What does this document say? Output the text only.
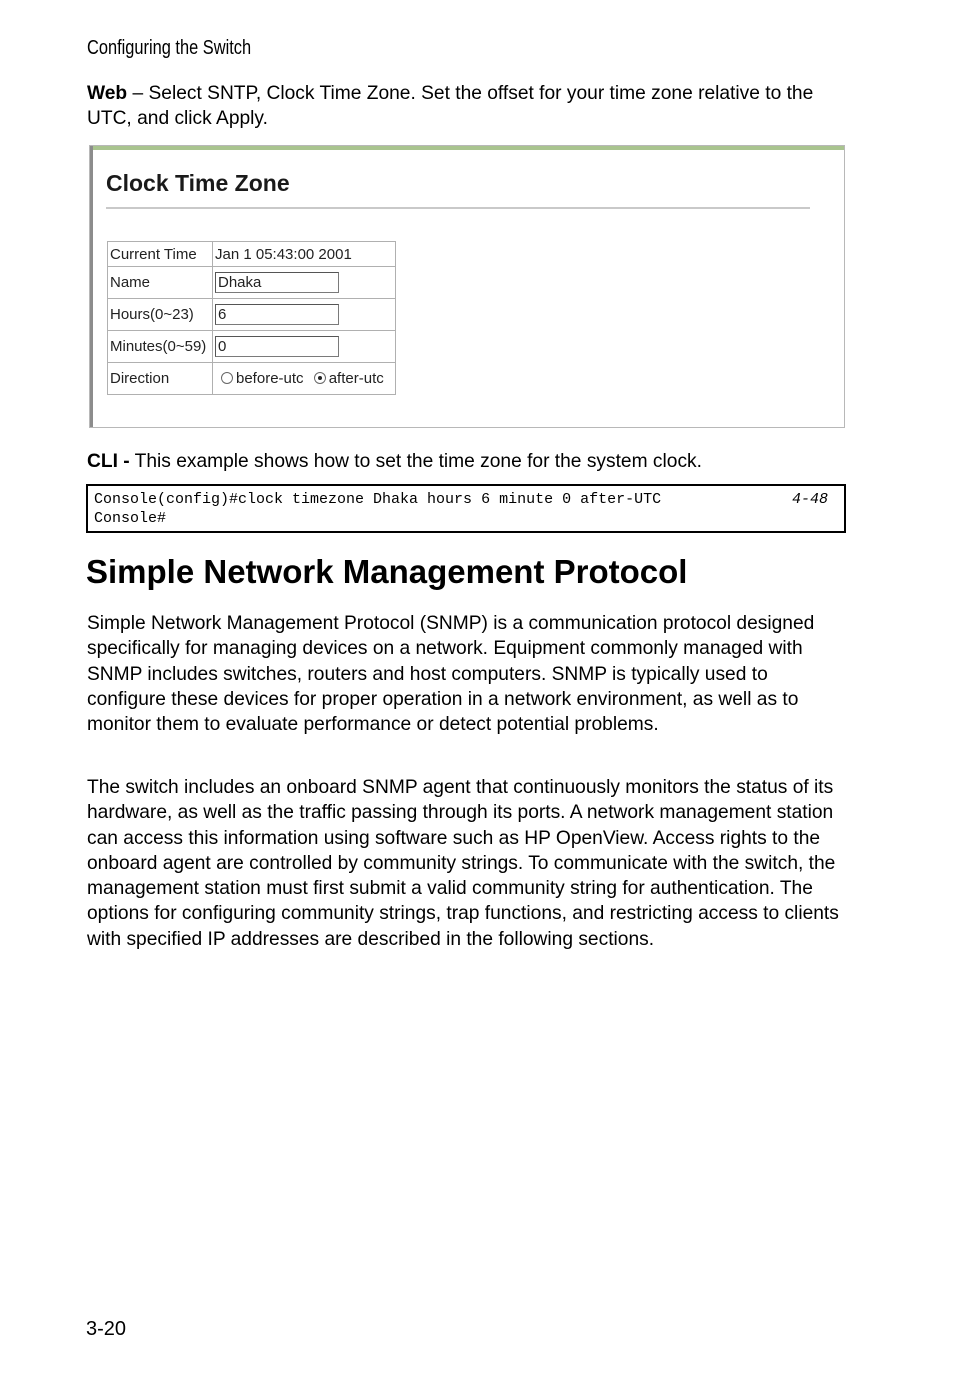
Configuring the Switch

Web – Select SNTP, Clock Time Zone. Set the offset for your time zone relative to the UTC, and click Apply.

Clock Time Zone
Current Time	Jan 1 05:43:00 2001
Name	Dhaka
Hours(0~23)	6
Minutes(0~59)	0
Direction	before-utc after-utc

CLI - This example shows how to set the time zone for the system clock.

Console(config)#clock timezone Dhaka hours 6 minute 0 after-UTC
Console#
4-48
Simple Network Management Protocol

Simple Network Management Protocol (SNMP) is a communication protocol designed specifically for managing devices on a network. Equipment commonly managed with SNMP includes switches, routers and host computers. SNMP is typically used to configure these devices for proper operation in a network environment, as well as to monitor them to evaluate performance or detect potential problems.

The switch includes an onboard SNMP agent that continuously monitors the status of its hardware, as well as the traffic passing through its ports. A network management station can access this information using software such as HP OpenView. Access rights to the onboard agent are controlled by community strings. To communicate with the switch, the management station must first submit a valid community string for authentication. The options for configuring community strings, trap functions, and restricting access to clients with specified IP addresses are described in the following sections.

3-20
